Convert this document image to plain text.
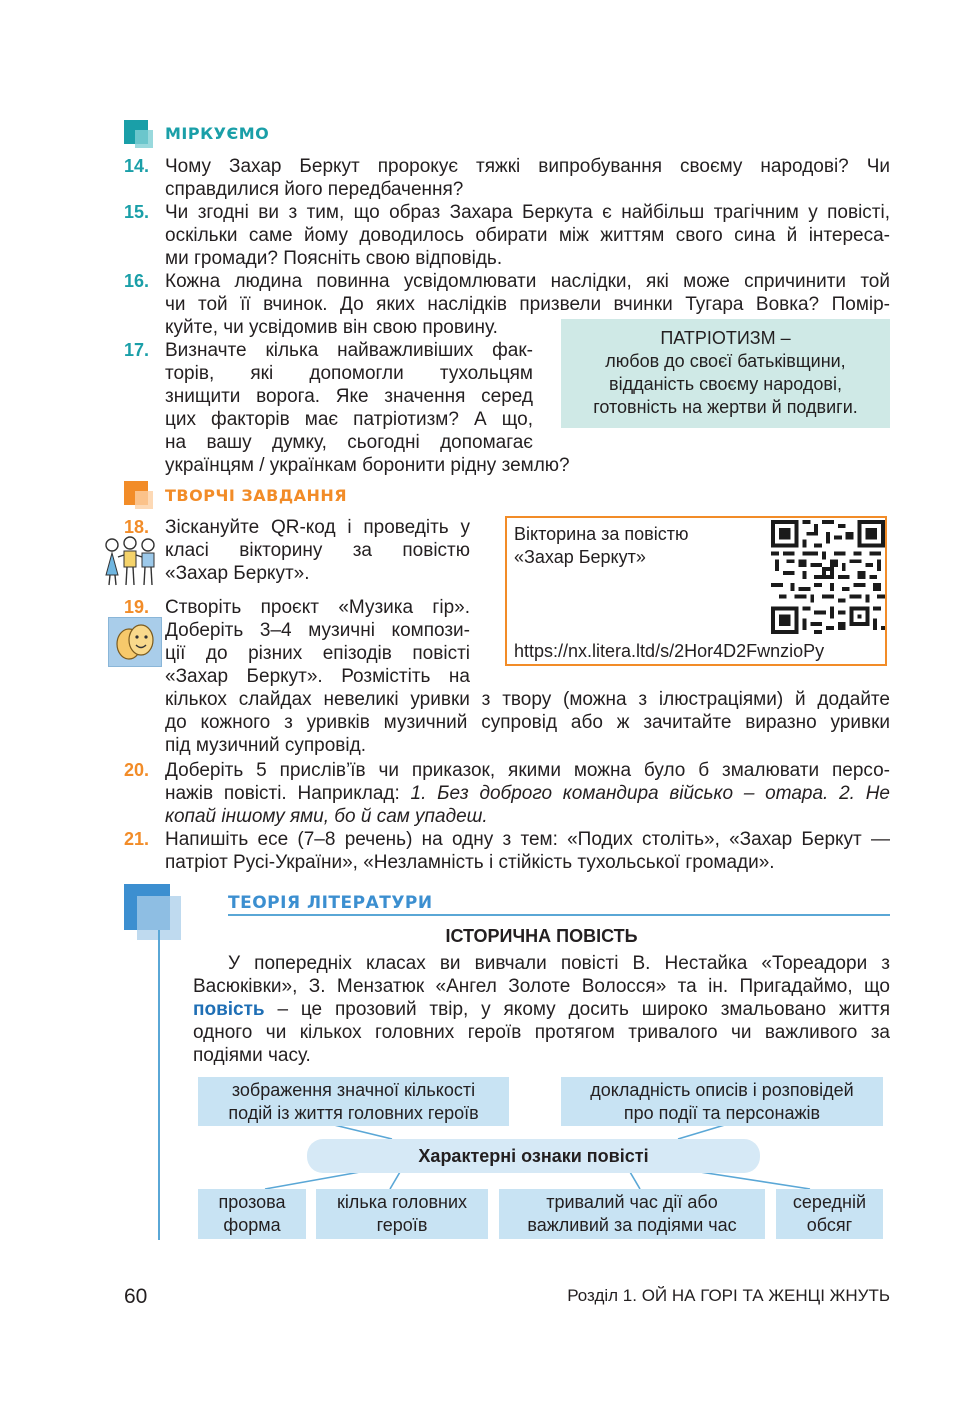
МІРКУЄМО
14. Чому Захар Беркут пророкує тяжкі випробування своєму народові? Чи
справдилися його передбачення?
15. Чи згодні ви з тим, що образ Захара Беркута є найбільш трагічним у повісті,
оскільки саме йому доводилось обирати між життям свого сина й інтереса-
ми громади? Поясніть свою відповідь.
16. Кожна людина повинна усвідомлювати наслідки, які може спричинити той
чи той її вчинок. До яких наслідків призвели вчинки Тугара Вовка? Помір-
куйте, чи усвідомив він свою провину.	ПАТРІОТИЗМ –
любов до своєї батьківщини,
відданість своєму народові,
готовність на жертви й подвиги.
17. Визначте кілька найважливіших фак-
торів, які допомогли тухольцям
знищити ворога. Яке значення серед
цих факторів має патріотизм? А що,
на вашу думку, сьогодні допомагає
українцям / українкам боронити рідну землю?
ТВОРЧІ ЗАВДАННЯ
18. Зіскануйте QR-код і проведіть у
класі вікторину за повістю
«Захар Беркут».
Вікторина за повістю
«Захар Беркут»
https://nx.litera.ltd/s/2Hor4D2FwnzioPy
19. Створіть проєкт «Музика гір».
Доберіть 3–4 музичні компози-
ції до різних епізодів повісті
«Захар Беркут». Розмістіть на
кількох слайдах невеликі уривки з твору (можна з ілюстраціями) й додайте
до кожного з уривків музичний супровід або ж зачитайте виразно уривки
під музичний супровід.
20. Доберіть 5 прислів’їв чи приказок, якими можна було б змалювати персо-
нажів повісті. Наприклад: 1. Без доброго командира військо – отара. 2. Не
копай іншому ями, бо й сам упадеш.
21. Напишіть есе (7–8 речень) на одну з тем: «Подих століть», «Захар Беркут —
патріот Русі-України», «Незламність і стійкість тухольської громади».
ТЕОРІЯ ЛІТЕРАТУРИ
ІСТОРИЧНА ПОВІСТЬ
У попередніх класах ви вивчали повісті В. Нестайка «Тореадори з
Васюківки», З. Мензатюк «Ангел Золоте Волосся» та ін. Пригадаймо, що
повість – це прозовий твір, у якому досить широко змальовано життя
одного чи кількох головних героїв протягом тривалого чи важливого за
подіями часу.
зображення значної кількості
подій із життя головних героїв
докладність описів і розповідей
про події та персонажів
Характерні ознаки повісті
прозова
форма
кілька головних
героїв
тривалий час дії або
важливий за подіями час
середній
обсяг
60	Розділ 1. ОЙ НА ГОРІ ТА ЖЕНЦІ ЖНУТЬ
